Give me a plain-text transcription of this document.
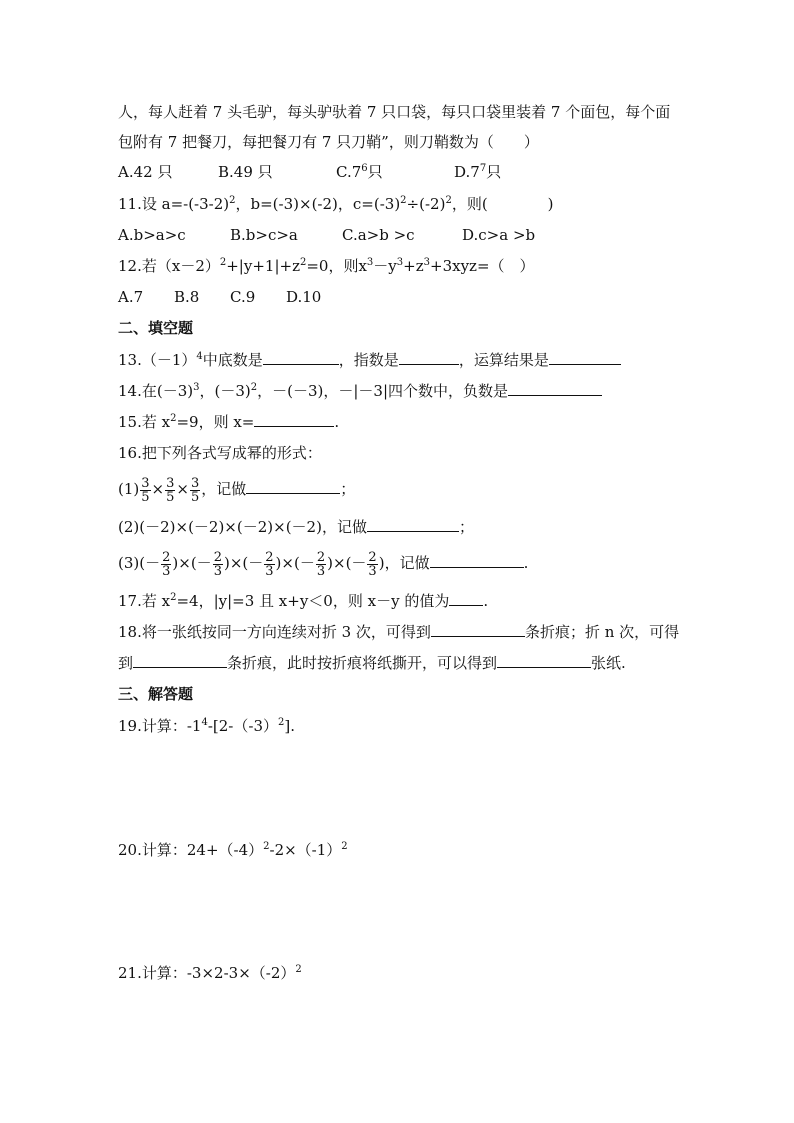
人，每人赶着 7 头毛驴，每头驴驮着 7 只口袋，每只口袋里装着 7 个面包，每个面
包附有 7 把餐刀，每把餐刀有 7 只刀鞘”，则刀鞘数为（　　）
A.42 只	B.49 只	$C.7^6$只	$D.7^7$只
11.设 $a=-(-3-2)^2$，b=(-3)×(-2)，$c=(-3)^2\div(-2)^2$，则(　　　　)
A.b>a>c	B.b>c>a	C.a>b >c	D.c>a >b
12.若$(x-2)^2+|y+1|+z^2=0$，则$x^3-y^3+z^3+3xyz=$（　）
A.7 B.8 C.9 D.10
二、填空题
$13.(-1)^4$中底数是	，指数是	，运算结果是
14.在$(-3)^3$，$(-3)^2$，－(－3)，－|－3|四个数中，负数是
15.若 $x^2=9$，则 x=	.
16.把下列各式写成幂的形式：
$(1) \frac{3}{5} \times \frac{3}{5} \times \frac{3}{5}$ ，记做	；
(2)(－2)×(－2)×(－2)×(－2)，记做	；
$(3)(- \frac{2}{3}$ )×(－ $\frac{2}{3}$ )×(－ $\frac{2}{3}$ )×(－ $\frac{2}{3}$ )×(－ $\frac{2}{3}$ )，记做	.
17.若 $x^2=4$，|y|=3 且 x+y＜0，则 x－y 的值为 .
18.将一张纸按同一方向连续对折 3 次，可得到	条折痕；折 n 次，可得
到	条折痕，此时按折痕将纸撕开，可以得到	张纸.
三、解答题
19.计算：$-1^4-[2-(-3)^2]$.
20.计算：$24+(-4)^2-2\times(-1)^2$
21.计算：$-3\times 2-3\times(-2)^2$
